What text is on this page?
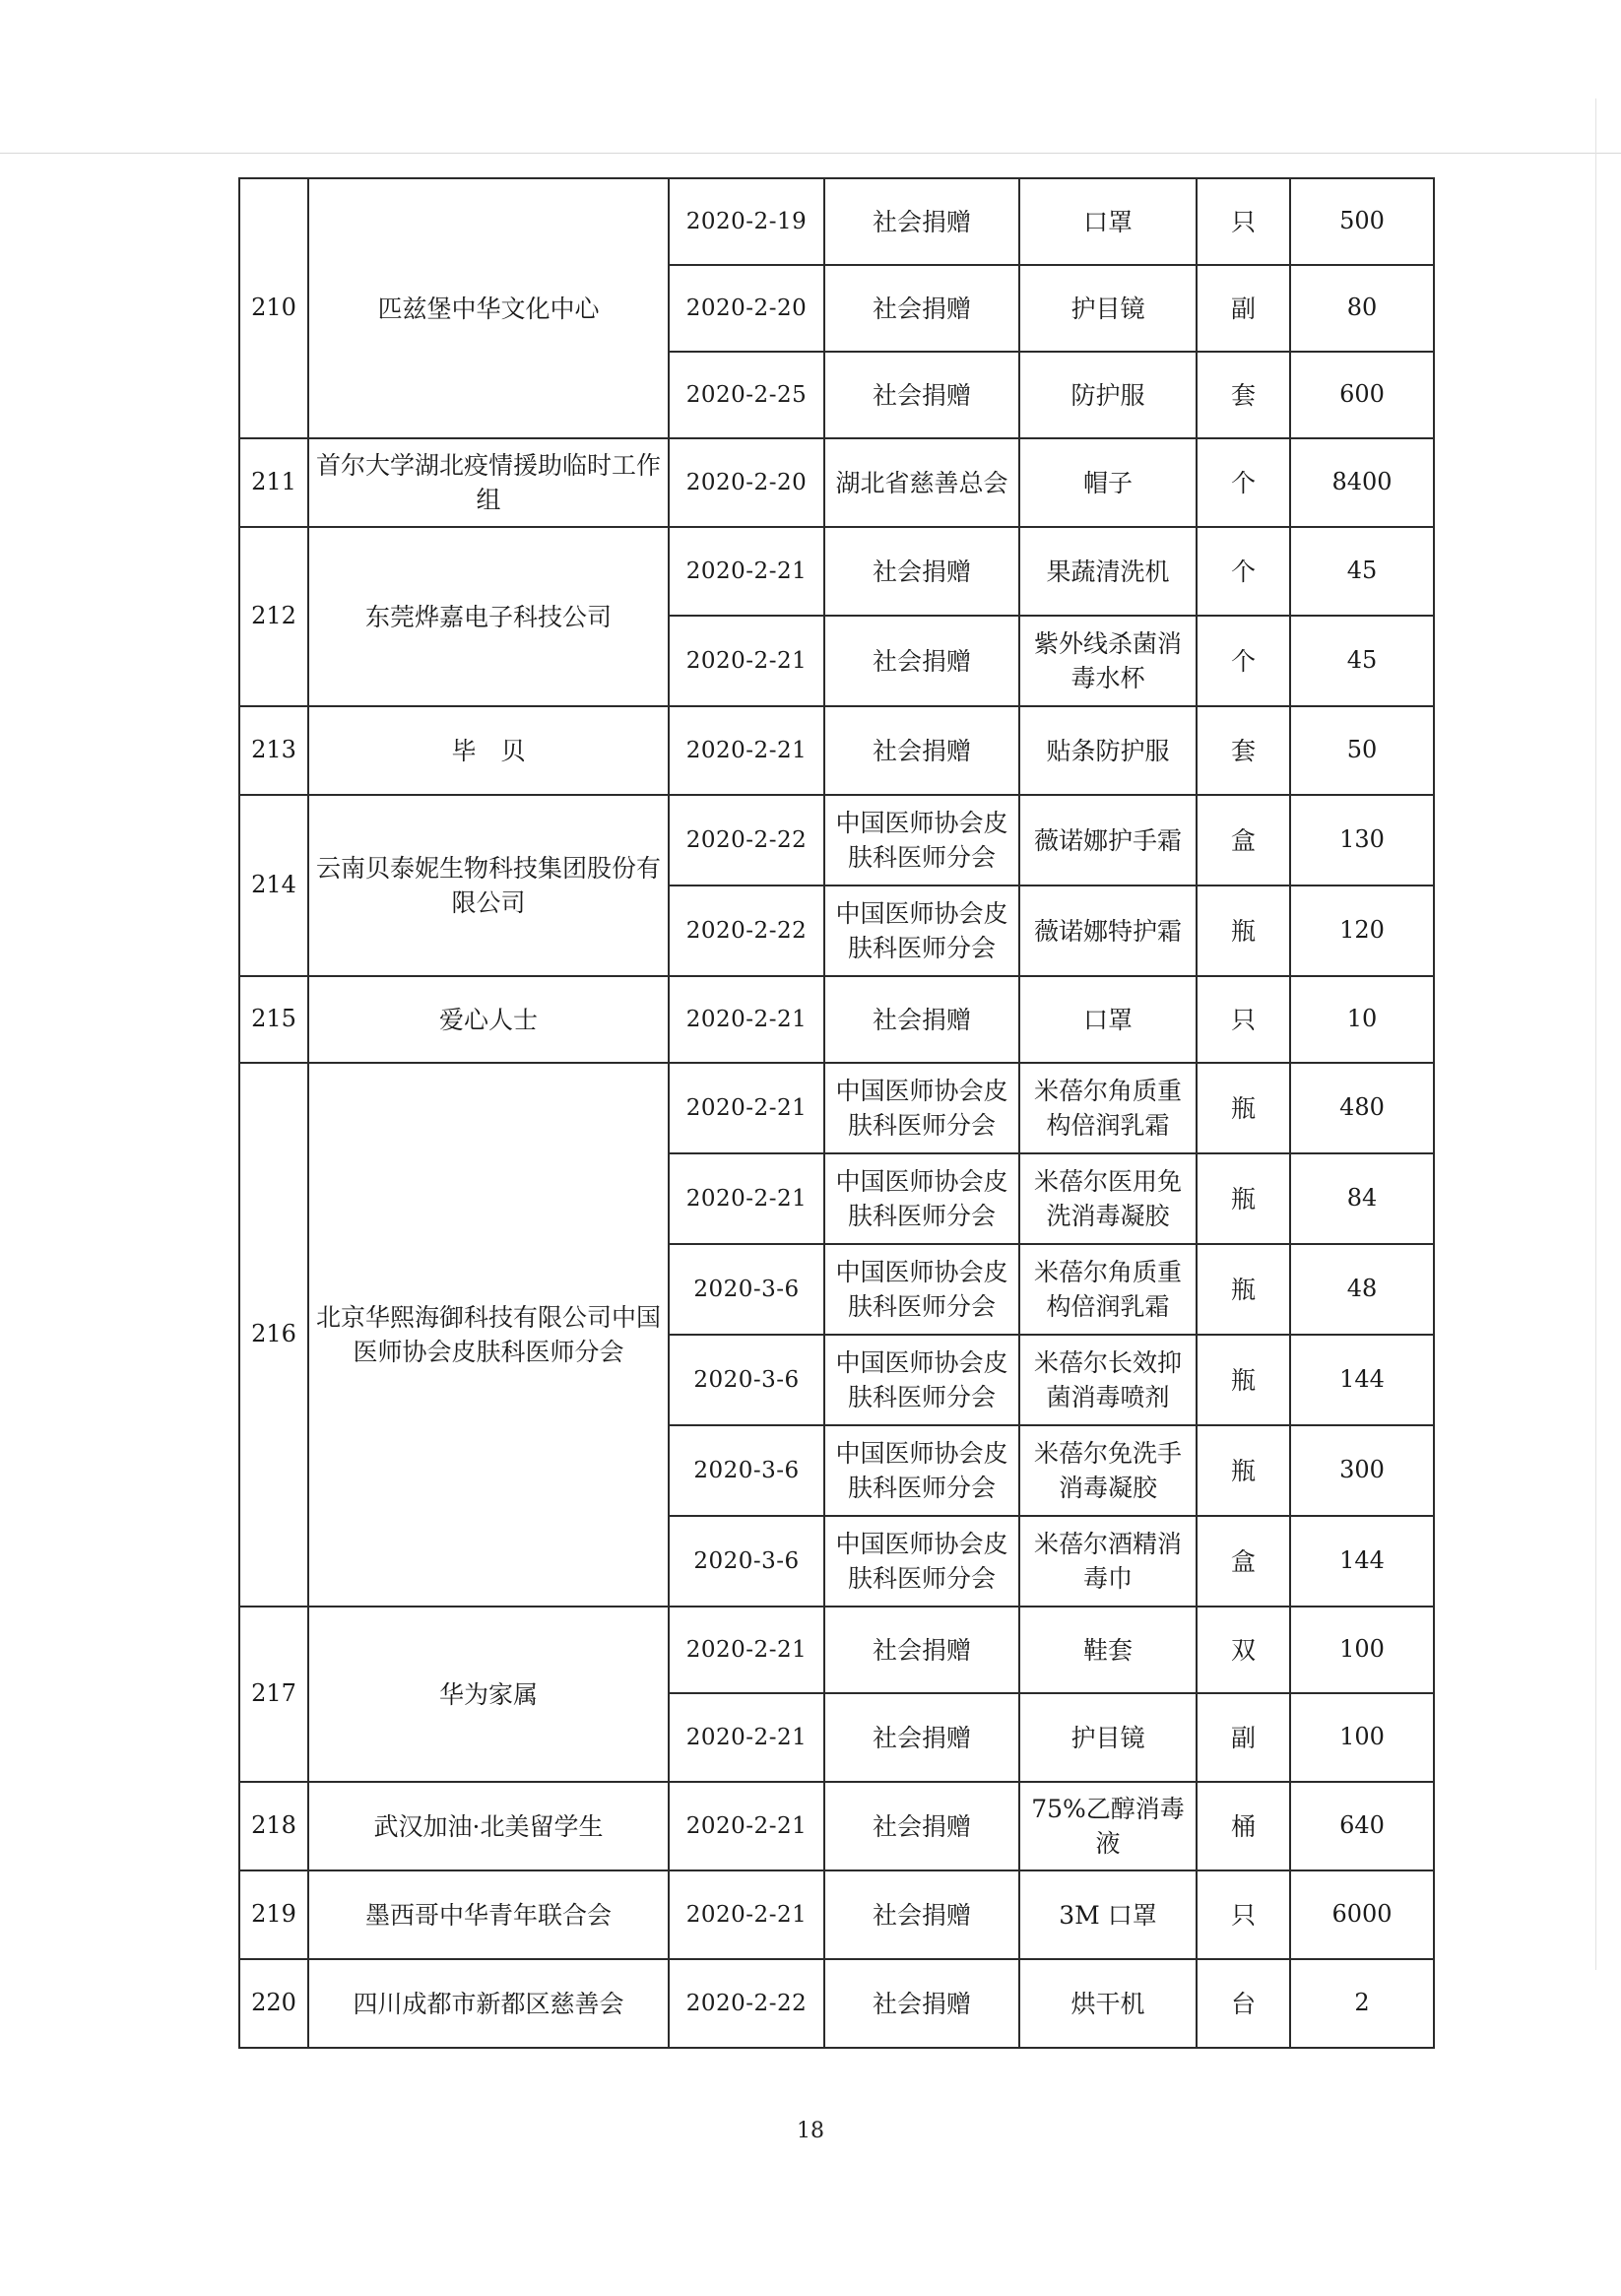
210	匹兹堡中华文化中心	2020-2-19	社会捐赠	口罩	只	500
		2020-2-20	社会捐赠	护目镜	副	80
		2020-2-25	社会捐赠	防护服	套	600
211	首尔大学湖北疫情援助临时工作组	2020-2-20	湖北省慈善总会	帽子	个	8400
212	东莞烨嘉电子科技公司	2020-2-21	社会捐赠	果蔬清洗机	个	45
		2020-2-21	社会捐赠	紫外线杀菌消毒水杯	个	45
213	毕　贝	2020-2-21	社会捐赠	贴条防护服	套	50
214	云南贝泰妮生物科技集团股份有限公司	2020-2-22	中国医师协会皮肤科医师分会	薇诺娜护手霜	盒	130
		2020-2-22	中国医师协会皮肤科医师分会	薇诺娜特护霜	瓶	120
215	爱心人士	2020-2-21	社会捐赠	口罩	只	10
216	北京华熙海御科技有限公司中国医师协会皮肤科医师分会	2020-2-21	中国医师协会皮肤科医师分会	米蓓尔角质重构倍润乳霜	瓶	480
		2020-2-21	中国医师协会皮肤科医师分会	米蓓尔医用免洗消毒凝胶	瓶	84
		2020-3-6	中国医师协会皮肤科医师分会	米蓓尔角质重构倍润乳霜	瓶	48
		2020-3-6	中国医师协会皮肤科医师分会	米蓓尔长效抑菌消毒喷剂	瓶	144
		2020-3-6	中国医师协会皮肤科医师分会	米蓓尔免洗手消毒凝胶	瓶	300
		2020-3-6	中国医师协会皮肤科医师分会	米蓓尔酒精消毒巾	盒	144
217	华为家属	2020-2-21	社会捐赠	鞋套	双	100
		2020-2-21	社会捐赠	护目镜	副	100
218	武汉加油·北美留学生	2020-2-21	社会捐赠	75%乙醇消毒液	桶	640
219	墨西哥中华青年联合会	2020-2-21	社会捐赠	3M 口罩	只	6000
220	四川成都市新都区慈善会	2020-2-22	社会捐赠	烘干机	台	2
18
